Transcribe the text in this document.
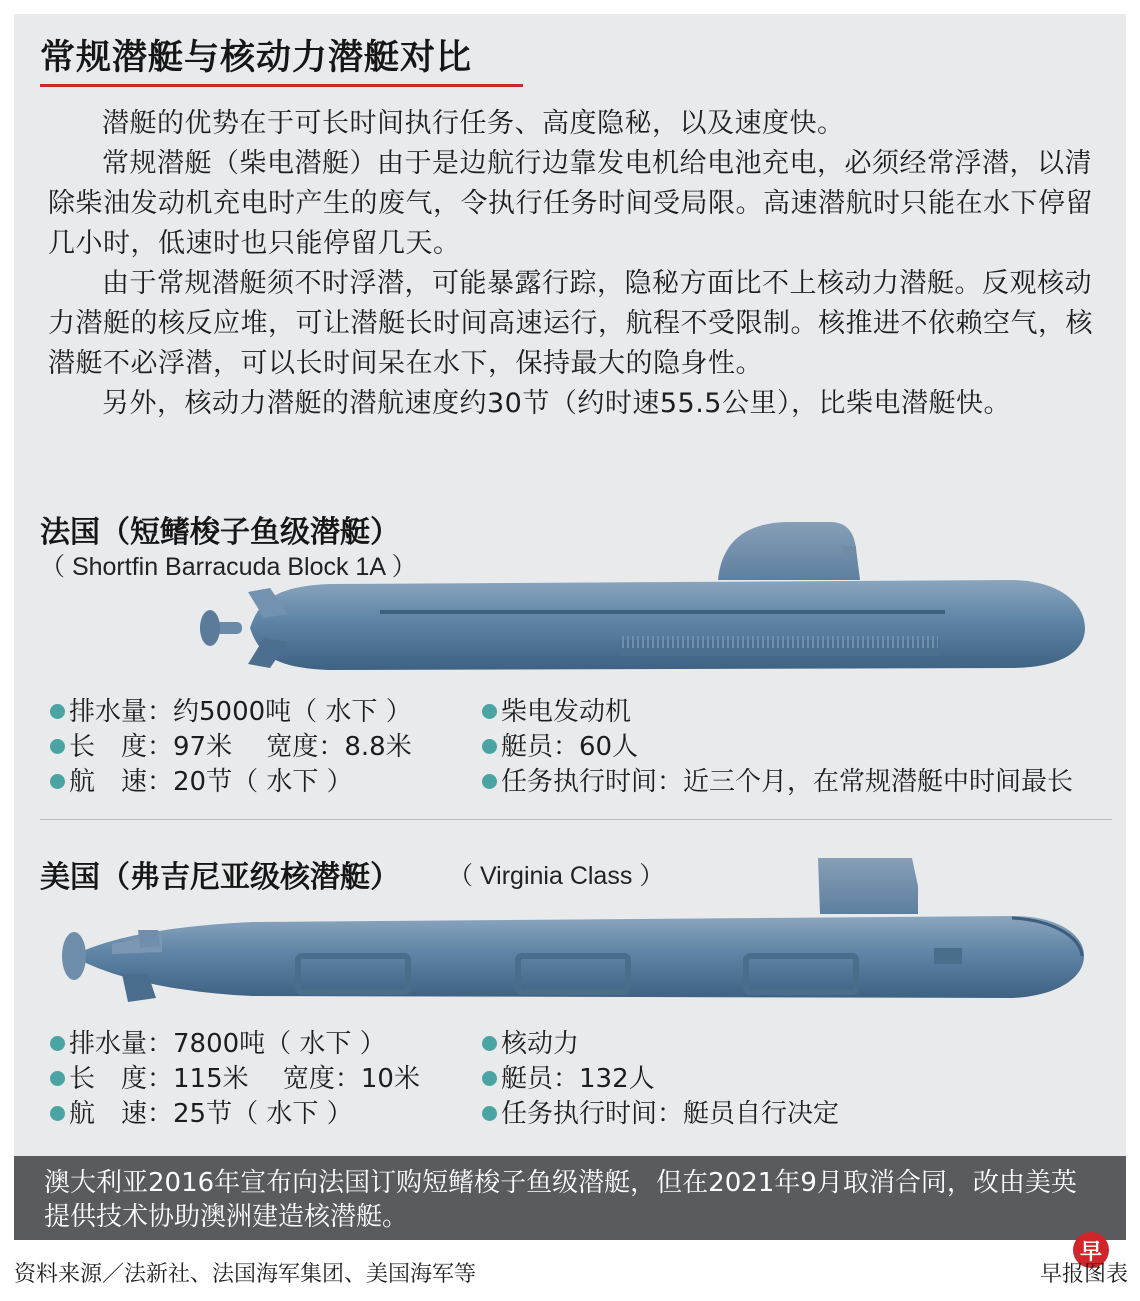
常规潜艇与核动力潜艇对比

潜艇的优势在于可长时间执行任务、高度隐秘，以及速度快。

常规潜艇（柴电潜艇）由于是边航行边靠发电机给电池充电，必须经常浮潜，以清除柴油发动机充电时产生的废气，令执行任务时间受局限。高速潜航时只能在水下停留几小时，低速时也只能停留几天。

由于常规潜艇须不时浮潜，可能暴露行踪，隐秘方面比不上核动力潜艇。反观核动力潜艇的核反应堆，可让潜艇长时间高速运行，航程不受限制。核推进不依赖空气，核潜艇不必浮潜，可以长时间呆在水下，保持最大的隐身性。

另外，核动力潜艇的潜航速度约30节（约时速55.5公里），比柴电潜艇快。

法国（短鳍梭子鱼级潜艇）
（ Shortfin Barracuda Block 1A ）
排水量：约5000吨（ 水下 ）
长　度：97米　 宽度：8.8米
航　速：20节（ 水下 ）
柴电发动机
艇员：60人
任务执行时间：近三个月，在常规潜艇中时间最长
美国（弗吉尼亚级核潜艇） （ Virginia Class ）
排水量：7800吨（ 水下 ）
长　度：115米　 宽度：10米
航　速：25节（ 水下 ）
核动力
艇员：132人
任务执行时间：艇员自行决定
澳大利亚2016年宣布向法国订购短鳍梭子鱼级潜艇，但在2021年9月取消合同，改由美英提供技术协助澳洲建造核潜艇。
资料来源／法新社、法国海军集团、美国海军等
早
早报图表
